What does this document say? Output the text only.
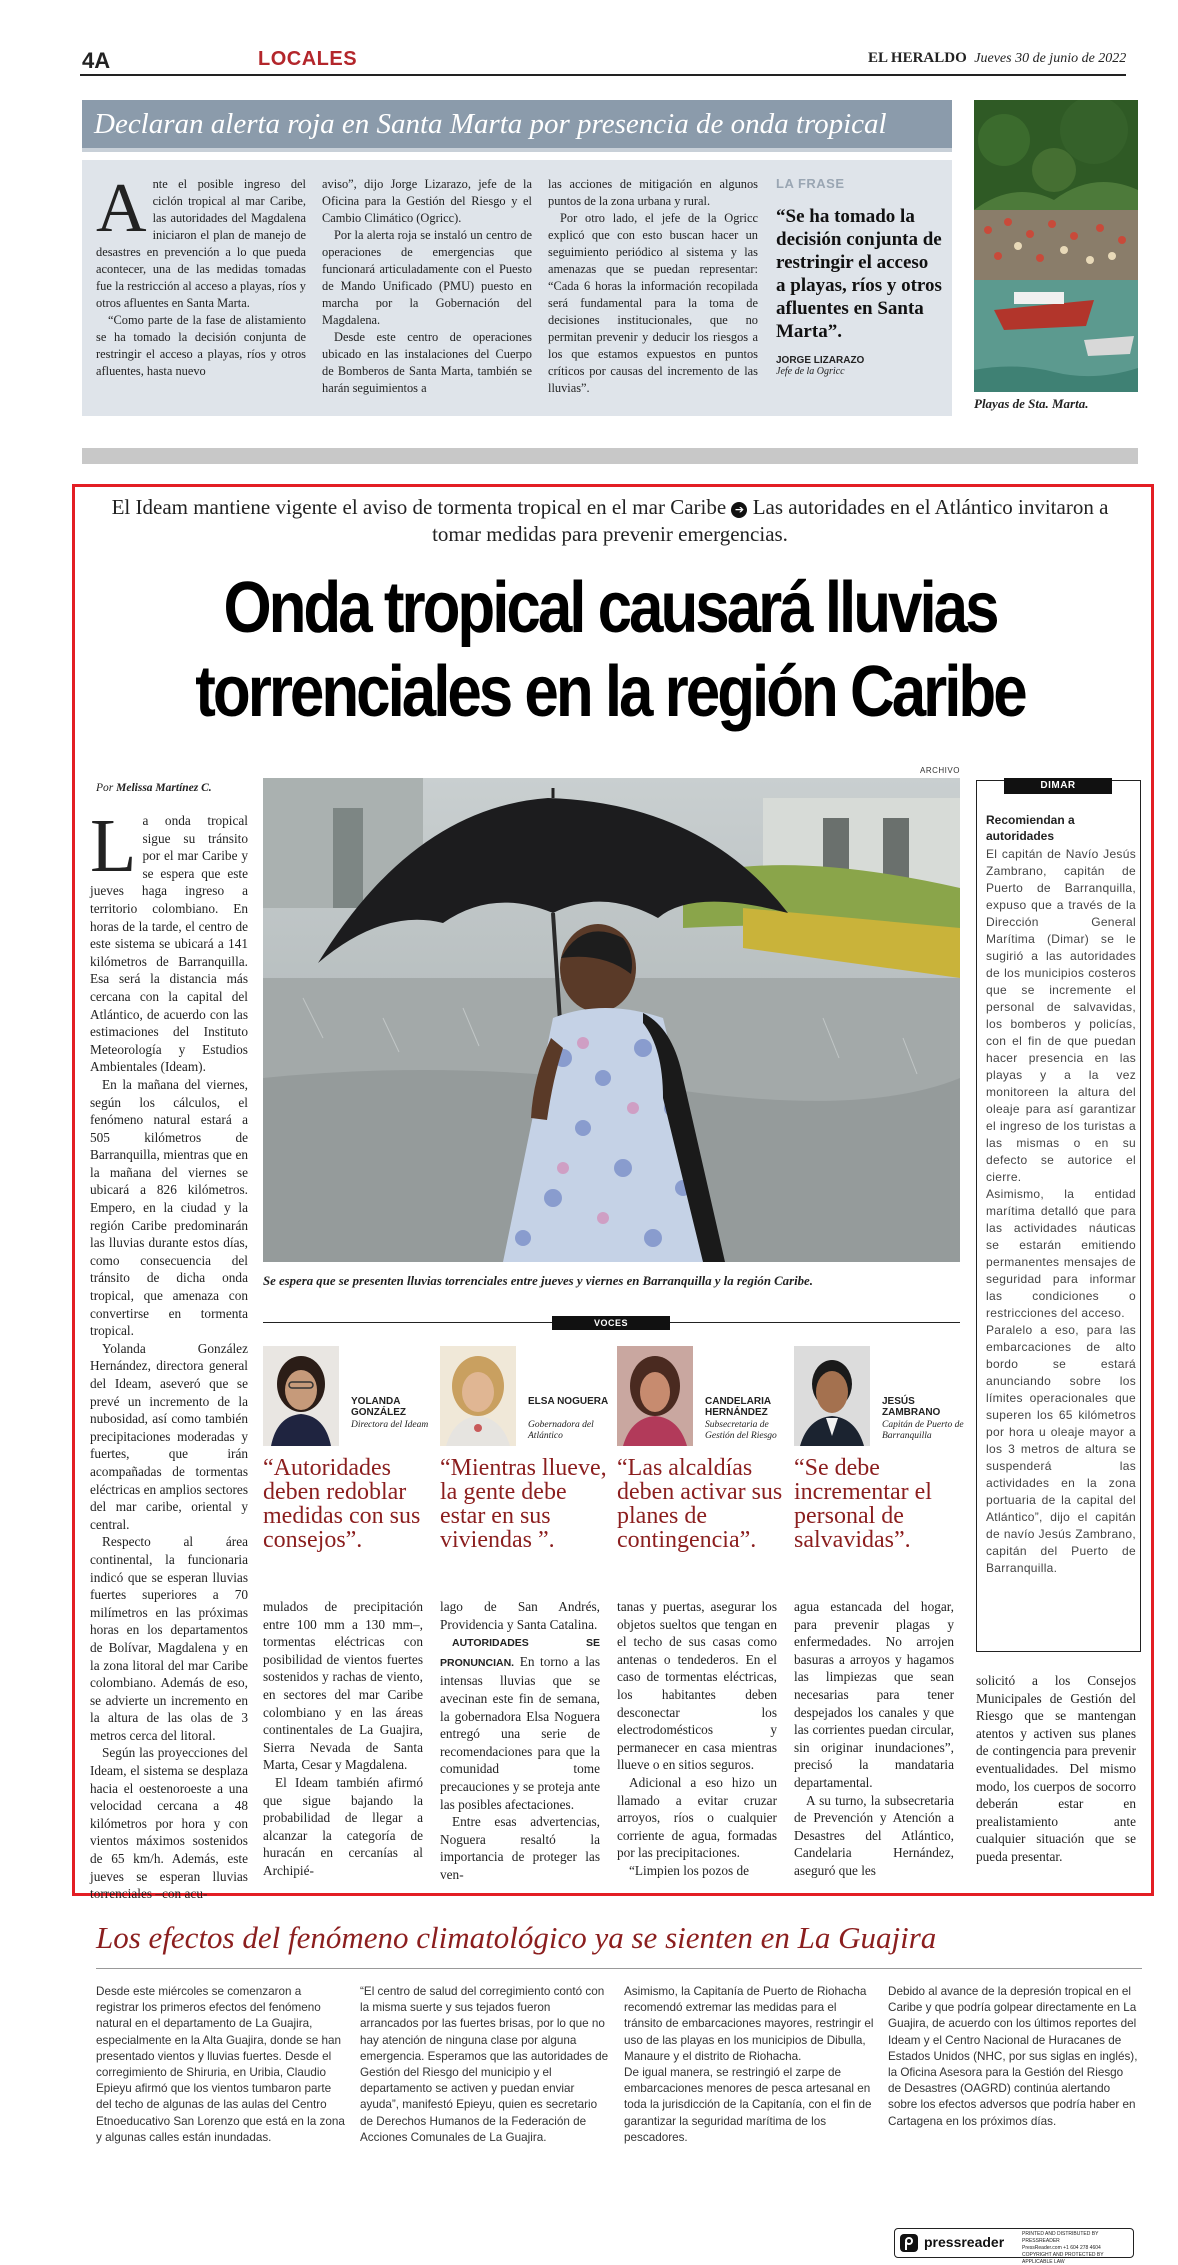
4A	LOCALES	EL HERALDO Jueves 30 de junio de 2022
Declaran alerta roja en Santa Marta por presencia de onda tropical
Ante el posible ingreso del ciclón tropical al mar Caribe, las autoridades del Magdalena iniciaron el plan de manejo de desastres en prevención a lo que pueda acontecer, una de las medidas tomadas fue la restricción al acceso a playas, ríos y otros afluentes en Santa Marta.

“Como parte de la fase de alistamiento se ha tomado la decisión conjunta de restringir el acceso a playas, ríos y otros afluentes, hasta nuevo

aviso”, dijo Jorge Lizarazo, jefe de la Oficina para la Gestión del Riesgo y el Cambio Climático (Ogricc).

Por la alerta roja se instaló un centro de operaciones de emergencias que funcionará articuladamente con el Puesto de Mando Unificado (PMU) puesto en marcha por la Gobernación del Magdalena.

Desde este centro de operaciones ubicado en las instalaciones del Cuerpo de Bomberos de Santa Marta, también se harán seguimientos a

las acciones de mitigación en algunos puntos de la zona urbana y rural.

Por otro lado, el jefe de la Ogricc explicó que con esto buscan hacer un seguimiento periódico al sistema y las amenazas que se puedan representar: “Cada 6 horas la información recopilada será fundamental para la toma de decisiones institucionales, que no permitan prevenir y deducir los riesgos a los que estamos expuestos en puntos críticos por causas del incremento de las lluvias”.

LA FRASE
“Se ha tomado la decisión conjunta de restringir el acceso a playas, ríos y otros afluentes en Santa Marta”.
JORGE LIZARAZO
Jefe de la Ogricc
Playas de Sta. Marta.
El Ideam mantiene vigente el aviso de tormenta tropical en el mar Caribe ➔ Las autoridades en el Atlántico invitaron a tomar medidas para prevenir emergencias.
Onda tropical causará lluvias
torrenciales en la región Caribe
ARCHIVO
Se espera que se presenten lluvias torrenciales entre jueves y viernes en Barranquilla y la región Caribe.
Por Melissa Martínez C.
La onda tropical sigue su tránsito por el mar Caribe y se espera que este jueves haga ingreso a territorio colombiano. En horas de la tarde, el centro de este sistema se ubicará a 141 kilómetros de Barranquilla. Esa será la distancia más cercana con la capital del Atlántico, de acuerdo con las estimaciones del Instituto Meteorología y Estudios Ambientales (Ideam).

En la mañana del viernes, según los cálculos, el fenómeno natural estará a 505 kilómetros de Barranquilla, mientras que en la mañana del viernes se ubicará a 826 kilómetros. Empero, en la ciudad y la región Caribe predominarán las lluvias durante estos días, como consecuencia del tránsito de dicha onda tropical, que amenaza con convertirse en tormenta tropical.

Yolanda González Hernández, directora general del Ideam, aseveró que se prevé un incremento de la nubosidad, así como también precipitaciones moderadas y fuertes, que irán acompañadas de tormentas eléctricas en amplios sectores del mar caribe, oriental y central.

Respecto al área continental, la funcionaria indicó que se esperan lluvias fuertes superiores a 70 milímetros en las próximas horas en los departamentos de Bolívar, Magdalena y en la zona litoral del mar Caribe colombiano. Además de eso, se advierte un incremento en la altura de las olas de 3 metros cerca del litoral.

Según las proyecciones del Ideam, el sistema se desplaza hacia el oestenoroeste a una velocidad cercana a 48 kilómetros por hora y con vientos máximos sostenidos de 65 km/h. Además, este jueves se esperan lluvias torrenciales –con acu-

DIMAR
Recomiendan a autoridades
El capitán de Navío Jesús Zambrano, capitán de Puerto de Barranquilla, expuso que a través de la Dirección General Marítima (Dimar) se le sugirió a las autoridades de los municipios costeros que se incremente el personal de salvavidas, los bomberos y policías, con el fin de que puedan hacer presencia en las playas y a la vez monitoreen la altura del oleaje para así garantizar el ingreso de los turistas a las mismas o en su defecto se autorice el cierre.
Asimismo, la entidad marítima detalló que para las actividades náuticas se estarán emitiendo permanentes mensajes de seguridad para informar las condiciones o restricciones del acceso.
Paralelo a eso, para las embarcaciones de alto bordo se estará anunciando sobre los límites operacionales que superen los 65 kilómetros por hora u oleaje mayor a los 3 metros de altura se suspenderá las actividades en la zona portuaria de la capital del Atlántico”, dijo el capitán de navío Jesús Zambrano, capitán del Puerto de Barranquilla.
VOCES
YOLANDA GONZÁLEZ
Directora del Ideam
“Autoridades deben redoblar medidas con sus consejos”.
ELSA NOGUERA
Gobernadora del Atlántico
“Mientras llueve, la gente debe estar en sus viviendas ”.
CANDELARIA HERNÁNDEZ
Subsecretaria de Gestión del Riesgo
“Las alcaldías deben activar sus planes de contingencia”.
JESÚS ZAMBRANO
Capitán de Puerto de Barranquilla
“Se debe incrementar el personal de salvavidas”.
mulados de precipitación entre 100 mm a 130 mm–, tormentas eléctricas con posibilidad de vientos fuertes sostenidos y rachas de viento, en sectores del mar Caribe colombiano y en las áreas continentales de La Guajira, Sierra Nevada de Santa Marta, Cesar y Magdalena.

El Ideam también afirmó que sigue bajando la probabilidad de llegar a alcanzar la categoría de huracán en cercanías al Archipié-

lago de San Andrés, Providencia y Santa Catalina.

AUTORIDADES SE PRONUNCIAN. En torno a las intensas lluvias que se avecinan este fin de semana, la gobernadora Elsa Noguera entregó una serie de recomendaciones para que la comunidad tome precauciones y se proteja ante las posibles afectaciones.

Entre esas advertencias, Noguera resaltó la importancia de proteger las ven-

tanas y puertas, asegurar los objetos sueltos que tengan en el techo de sus casas como antenas o tendederos. En el caso de tormentas eléctricas, los habitantes deben desconectar los electrodomésticos y permanecer en casa mientras llueve o en sitios seguros.

Adicional a eso hizo un llamado a evitar cruzar arroyos, ríos o cualquier corriente de agua, formadas por las precipitaciones.

“Limpien los pozos de

agua estancada del hogar, para prevenir plagas y enfermedades. No arrojen basuras a arroyos y hagamos las limpiezas que sean necesarias para tener despejados los canales y que las corrientes puedan circular, sin originar inundaciones”, precisó la mandataria departamental.

A su turno, la subsecretaria de Prevención y Atención a Desastres del Atlántico, Candelaria Hernández, aseguró que les

solicitó a los Consejos Municipales de Gestión del Riesgo que se mantengan atentos y activen sus planes de contingencia para prevenir eventualidades. Del mismo modo, los cuerpos de socorro deberán estar en prealistamiento ante cualquier situación que se pueda presentar.
Los efectos del fenómeno climatológico ya se sienten en La Guajira
Desde este miércoles se comenzaron a registrar los primeros efectos del fenómeno natural en el departamento de La Guajira, especialmente en la Alta Guajira, donde se han presentado vientos y lluvias fuertes. Desde el corregimiento de Shiruria, en Uribia, Claudio Epieyu afirmó que los vientos tumbaron parte del techo de algunas de las aulas del Centro Etnoeducativo San Lorenzo que está en la zona y algunas calles están inundadas.
“El centro de salud del corregimiento contó con la misma suerte y sus tejados fueron arrancados por las fuertes brisas, por lo que no hay atención de ninguna clase por alguna emergencia. Esperamos que las autoridades de Gestión del Riesgo del municipio y el departamento se activen y puedan enviar ayuda”, manifestó Epieyu, quien es secretario de Derechos Humanos de la Federación de Acciones Comunales de La Guajira.
Asimismo, la Capitanía de Puerto de Riohacha recomendó extremar las medidas para el tránsito de embarcaciones mayores, restringir el uso de las playas en los municipios de Dibulla, Manaure y el distrito de Riohacha.
De igual manera, se restringió el zarpe de embarcaciones menores de pesca artesanal en toda la jurisdicción de la Capitanía, con el fin de garantizar la seguridad marítima de los pescadores.
Debido al avance de la depresión tropical en el Caribe y que podría golpear directamente en La Guajira, de acuerdo con los últimos reportes del Ideam y el Centro Nacional de Huracanes de Estados Unidos (NHC, por sus siglas en inglés), la Oficina Asesora para la Gestión del Riesgo de Desastres (OAGRD) continúa alertando sobre los efectos adversos que podría haber en Cartagena en los próximos días.
pressreader	PRINTED AND DISTRIBUTED BY PRESSREADER
PressReader.com +1 604 278 4604
COPYRIGHT AND PROTECTED BY APPLICABLE LAW
